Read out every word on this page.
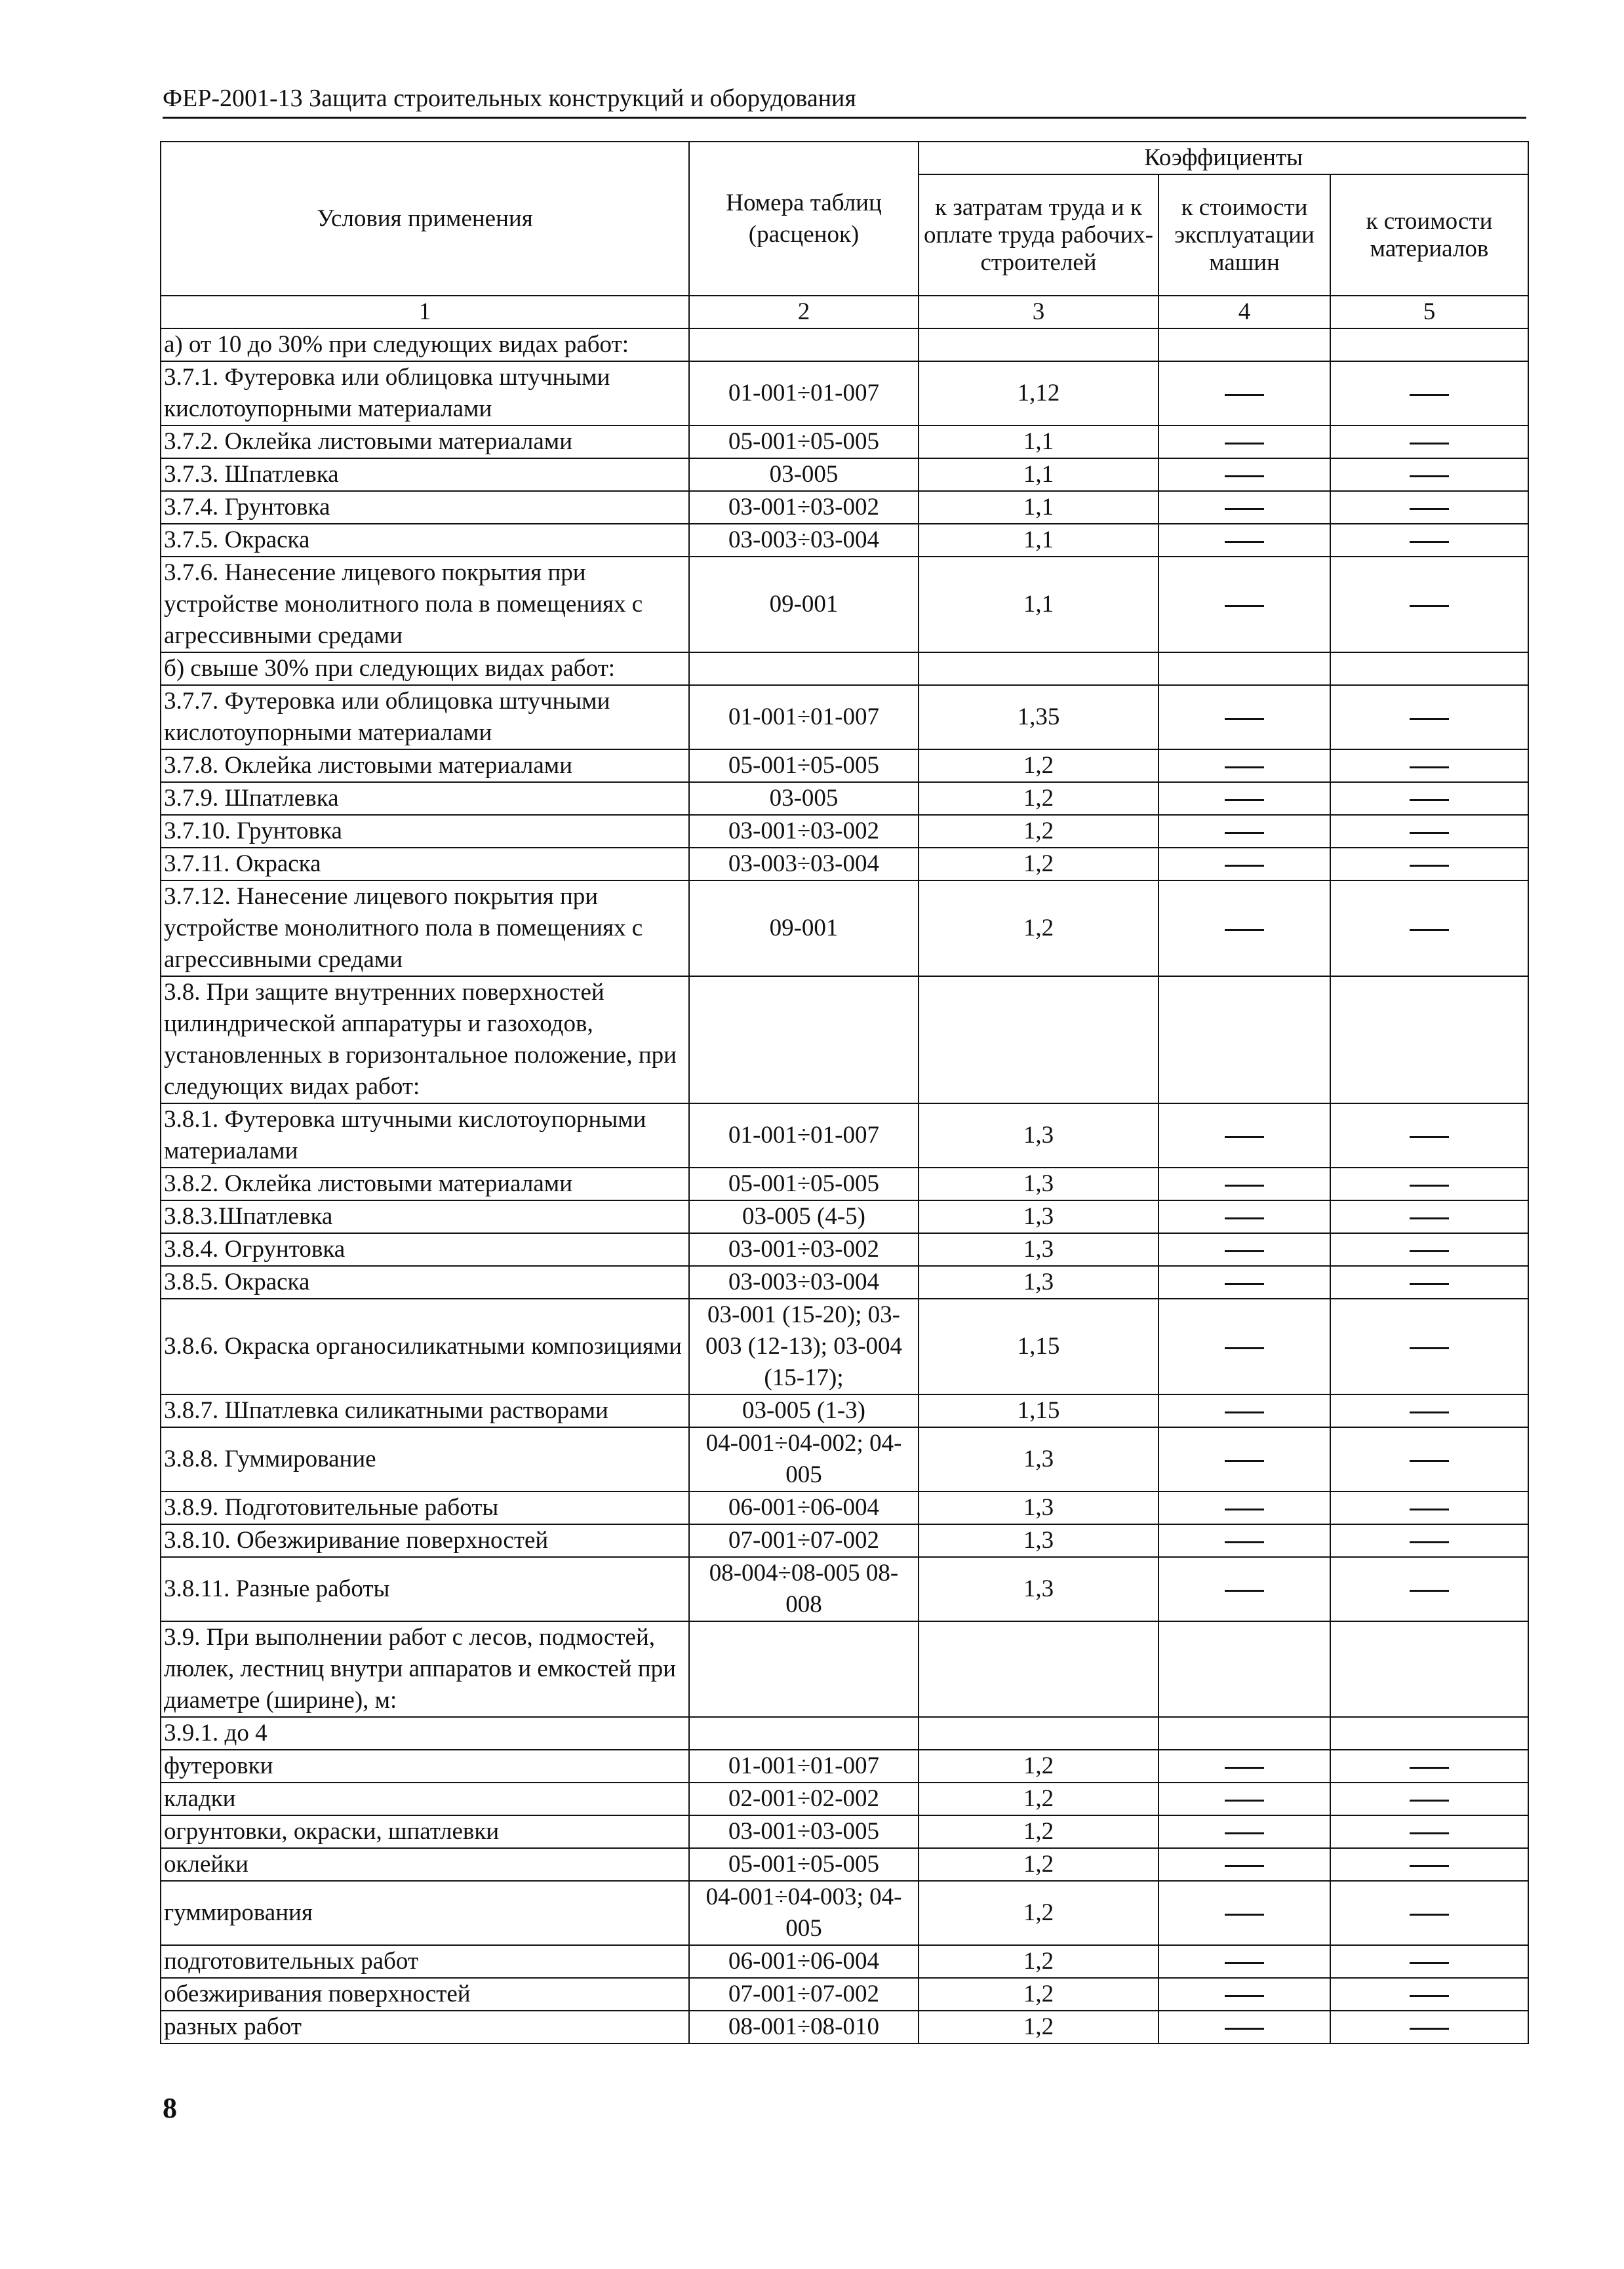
ФЕР-2001-13 Защита строительных конструкций и оборудования
Условия применения	Номера таблиц (расценок)	Коэффициенты		
		к затратам труда и к оплате труда рабочих-строителей	к стоимости эксплуатации машин	к стоимости материалов
1	2	3	4	5
а) от 10 до 30% при следующих видах работ:				
3.7.1. Футеровка или облицовка штучными кислотоупорными материалами	01-001÷01-007	1,12		
3.7.2. Оклейка листовыми материалами	05-001÷05-005	1,1		
3.7.3. Шпатлевка	03-005	1,1		
3.7.4. Грунтовка	03-001÷03-002	1,1		
3.7.5. Окраска	03-003÷03-004	1,1		
3.7.6. Нанесение лицевого покрытия при устройстве монолитного пола в помещениях с агрессивными средами	09-001	1,1		
б) свыше 30% при следующих видах работ:				
3.7.7. Футеровка или облицовка штучными кислотоупорными материалами	01-001÷01-007	1,35		
3.7.8. Оклейка листовыми материалами	05-001÷05-005	1,2		
3.7.9. Шпатлевка	03-005	1,2		
3.7.10. Грунтовка	03-001÷03-002	1,2		
3.7.11. Окраска	03-003÷03-004	1,2		
3.7.12. Нанесение лицевого покрытия при устройстве монолитного пола в помещениях с агрессивными средами	09-001	1,2		
3.8. При защите внутренних поверхностей цилиндрической аппаратуры и газоходов, установленных в горизонтальное положение, при следующих видах работ:				
3.8.1. Футеровка штучными кислотоупорными материалами	01-001÷01-007	1,3		
3.8.2. Оклейка листовыми материалами	05-001÷05-005	1,3		
3.8.3.Шпатлевка	03-005 (4-5)	1,3		
3.8.4. Огрунтовка	03-001÷03-002	1,3		
3.8.5. Окраска	03-003÷03-004	1,3		
3.8.6. Окраска органосиликатными композициями	03-001 (15-20); 03-003 (12-13); 03-004 (15-17);	1,15		
3.8.7. Шпатлевка силикатными растворами	03-005 (1-3)	1,15		
3.8.8. Гуммирование	04-001÷04-002; 04-005	1,3		
3.8.9. Подготовительные работы	06-001÷06-004	1,3		
3.8.10. Обезжиривание поверхностей	07-001÷07-002	1,3		
3.8.11. Разные работы	08-004÷08-005 08-008	1,3		
3.9. При выполнении работ с лесов, подмостей, люлек, лестниц внутри аппаратов и емкостей при диаметре (ширине), м:				
3.9.1. до 4				
футеровки	01-001÷01-007	1,2		
кладки	02-001÷02-002	1,2		
огрунтовки, окраски, шпатлевки	03-001÷03-005	1,2		
оклейки	05-001÷05-005	1,2		
гуммирования	04-001÷04-003; 04-005	1,2		
подготовительных работ	06-001÷06-004	1,2		
обезжиривания поверхностей	07-001÷07-002	1,2		
разных работ	08-001÷08-010	1,2		
8
